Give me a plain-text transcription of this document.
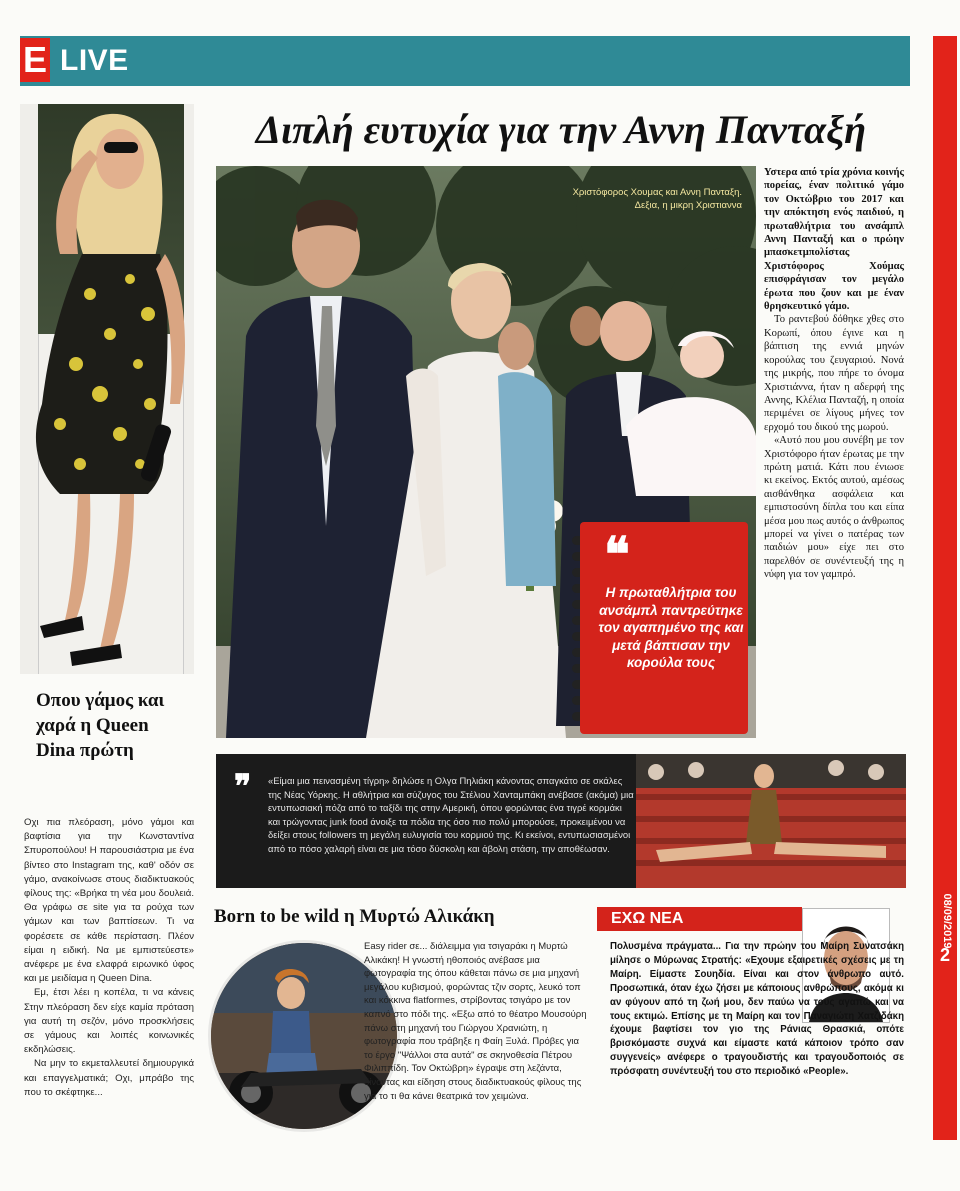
E LIVE
08/09/2019
2
Οπου γάμος και χαρά η Queen Dina πρώτη

Οχι πια πλεόραση, μόνο γάμοι και βαφτίσια για την Κωνσταντίνα Σπυροπούλου! Η παρουσιάστρια με ένα βίντεο στο Instagram της, καθ' οδόν σε γάμο, ανακοίνωσε στους διαδικτυακούς φίλους της: «Βρήκα τη νέα μου δουλειά. Θα γράφω σε site για τα ρούχα των γάμων και των βαπτίσεων. Τι να φορέσετε σε κάθε περίσταση. Πλέον είμαι η ειδική. Να με εμπιστεύεστε» ανέφερε με ένα ελαφρά ειρωνικό ύφος και με μειδίαμα η Queen Dina.

Εμ, έτσι λέει η κοπέλα, τι να κάνεις Στην πλεόραση δεν είχε καμία πρόταση για αυτή τη σεζόν, μόνο προσκλήσεις σε γάμους και λοιπές κοινωνικές εκδηλώσεις.

Να μην το εκμεταλλευτεί δημιουργικά και επαγγελματικά; Οχι, μπράβο της που το σκέφτηκε...

Διπλή ευτυχία για την Αννη Πανταξή
Χριστόφορος Χουμας και Αννη Πανταξη.
Δεξια, η μικρη Χριστιαννα
❝
Η πρωταθλήτρια του ανσάμπλ παντρεύτηκε τον αγαπημένο της και μετά βάπτισαν την κορούλα τους

Υστερα από τρία χρόνια κοινής πορείας, έναν πολιτικό γάμο τον Οκτώβριο του 2017 και την απόκτηση ενός παιδιού, η πρωταθλήτρια του ανσάμπλ Αννη Πανταξή και ο πρώην μπασκετμπολίστας Χριστόφορος Χούμας επισφράγισαν τον μεγάλο έρωτα που ζουν και με έναν θρησκευτικό γάμο.

Το ραντεβού δόθηκε χθες στο Κορωπί, όπου έγινε και η βάπτιση της εννιά μηνών κορούλας του ζευγαριού. Νονά της μικρής, που πήρε το όνομα Χριστιάννα, ήταν η αδερφή της Αννης, Κλέλια Πανταζή, η οποία περιμένει σε λίγους μήνες τον ερχομό του δικού της μωρού.

«Αυτό που μου συνέβη με τον Χριστόφορο ήταν έρωτας με την πρώτη ματιά. Κάτι που ένιωσε κι εκείνος. Εκτός αυτού, αμέσως αισθάνθηκα ασφάλεια και εμπιστοσύνη δίπλα του και είπα μέσα μου πως αυτός ο άνθρωπος μπορεί να γίνει ο πατέρας των παιδιών μου» είχε πει στο παρελθόν σε συνέντευξή της η νύφη για τον γαμπρό.

❞ «Είμαι μια πεινασμένη τίγρη» δηλώσε η Ολγα Πηλιάκη κάνοντας σπαγκάτο σε σκάλες της Νέας Υόρκης. Η αθλήτρια και σύζυγος του Στέλιου Χανταμπάκη ανέβασε (ακόμα) μια εντυπωσιακή πόζα από το ταξίδι της στην Αμερική, όπου φορώντας ένα τιγρέ κορμάκι και τρώγοντας junk food άνοιξε τα πόδια της όσο πιο πολύ μπορούσε, προκειμένου να δείξει στους followers τη μεγάλη ευλυγισία του κορμιού της. Κι εκείνοι, εντυπωσιασμένοι από το πόσο χαλαρή είναι σε μια τόσο δύσκολη και άβολη στάση, την αποθέωσαν.
Born to be wild η Μυρτώ Αλικάκη

Easy rider σε... διάλειμμα για τσιγαράκι η Μυρτώ Αλικάκη! Η γνωστή ηθοποιός ανέβασε μια φωτογραφία της όπου κάθεται πάνω σε μια μηχανή μεγάλου κυβισμού, φορώντας τζιν σορτς, λευκό τοπ και κόκκινα flatformes, στρίβοντας τσιγάρο με τον καπνό στο πόδι της. «Εξω από το θέατρο Μουσούρη πάνω στη μηχανή του Γιώργου Χρανιώτη, η φωτογραφία που τράβηξε η Φαίη Ξυλά. Πρόβες για το έργο "Ψάλλοι στα αυτά" σε σκηνοθεσία Πέτρου Φιλιππίδη. Τον Οκτώβρη» έγραψε στη λεζάντα, δίνοντας και είδηση στους διαδικτυακούς φίλους της για το τι θα κάνει θεατρικά τον χειμώνα.

ΕΧΩ ΝΕΑ
Πολυσμένα πράγματα... Για την πρώην του Μαίρη Συνατσάκη μίλησε ο Μύρωνας Στρατής: «Εχουμε εξαιρετικές σχέσεις με τη Μαίρη. Είμαστε Σουηδία. Είναι και στον άνθρωπο αυτό. Προσωπικά, όταν έχω ζήσει με κάποιους ανθρώπους, ακόμα κι αν φύγουν από τη ζωή μου, δεν παύω να τους αγαπώ και να τους εκτιμώ. Επίσης με τη Μαίρη και τον Παναγιώτη Χατζιδάκη έχουμε βαφτίσει τον γιο της Ράνιας Θρασκιά, οπότε βρισκόμαστε συχνά και είμαστε κατά κάποιον τρόπο σαν συγγενείς» ανέφερε ο τραγουδιστής και τραγουδοποιός σε πρόσφατη συνέντευξή του στο περιοδικό «People».
